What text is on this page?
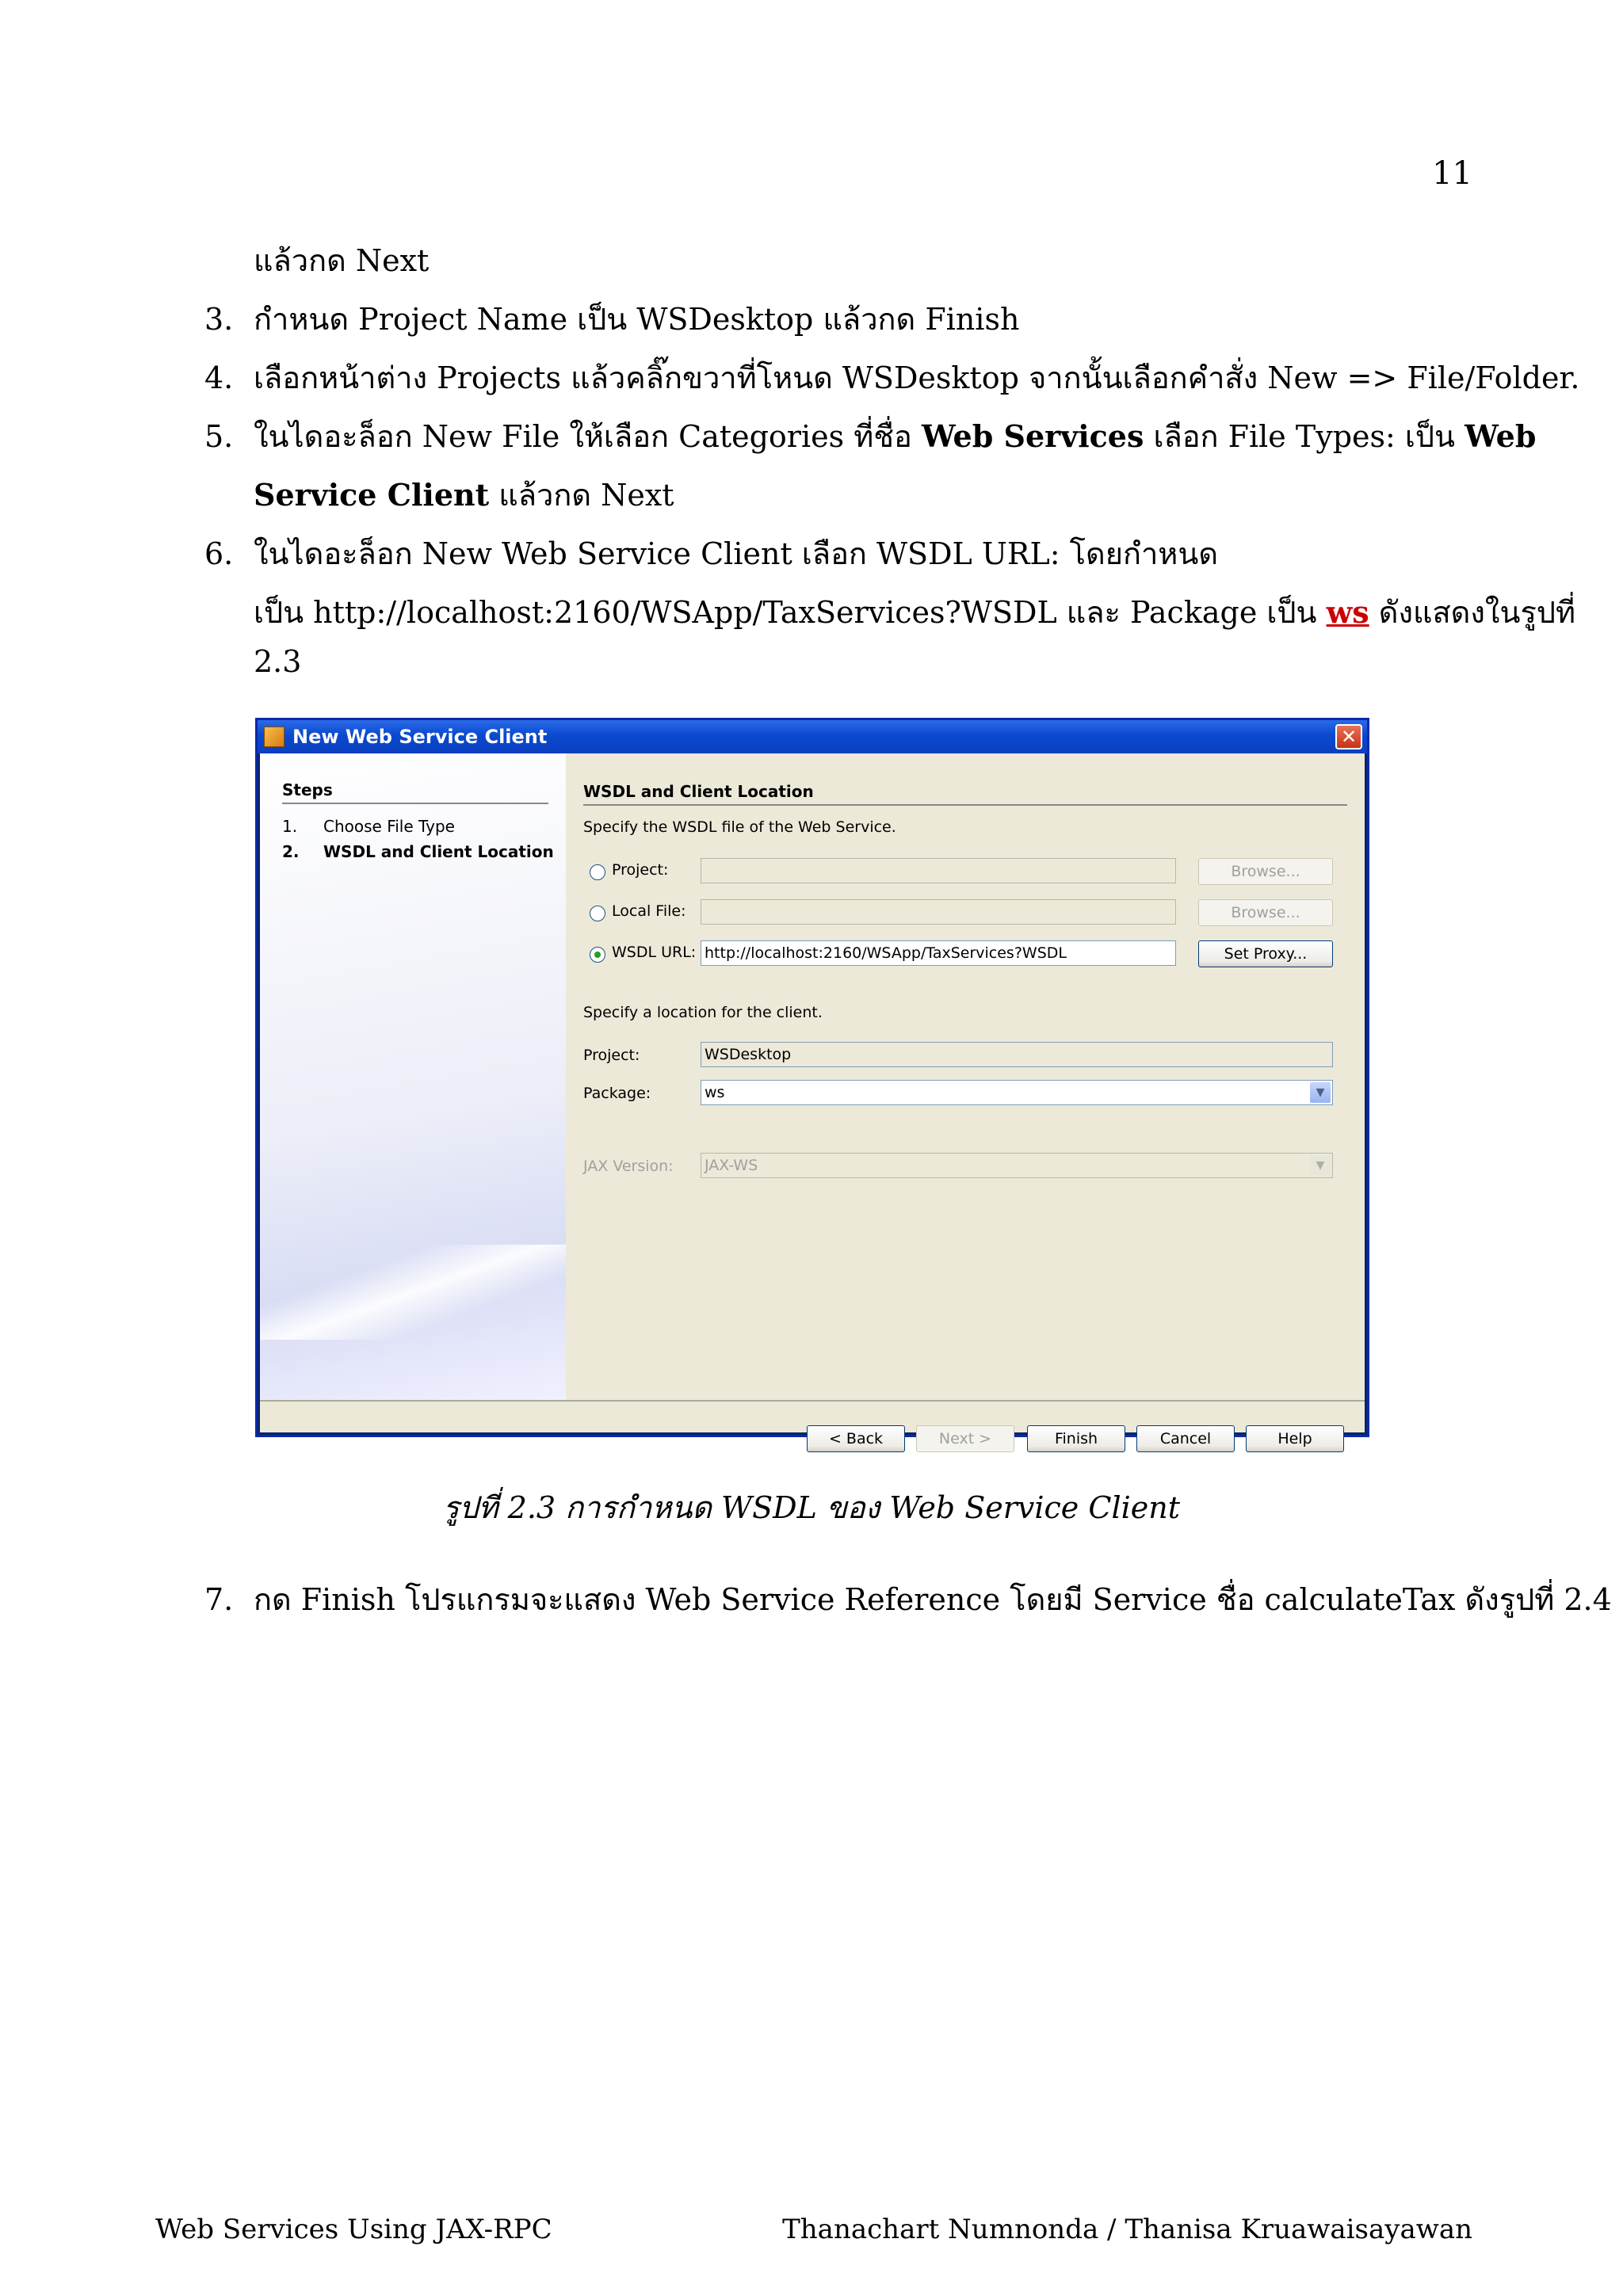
11
แล้วกด Next
3. กำหนด Project Name เป็น WSDesktop แล้วกด Finish
4. เลือกหน้าต่าง Projects แล้วคลิ๊กขวาที่โหนด WSDesktop จากนั้นเลือกคำสั่ง New => File/Folder.
5. ในไดอะล็อก New File ให้เลือก Categories ที่ชื่อ Web Services เลือก File Types: เป็น Web
Service Client แล้วกด Next
6. ในไดอะล็อก New Web Service Client เลือก WSDL URL: โดยกำหนด
เป็น http://localhost:2160/WSApp/TaxServices?WSDL และ Package เป็น ws ดังแสดงในรูปที่
2.3
New Web Service Client	✕
Steps
1. Choose File Type
2. WSDL and Client Location
WSDL and Client Location
Specify the WSDL file of the Web Service.
Project:	Browse...
Local File:	Browse...
WSDL URL: http://localhost:2160/WSApp/TaxServices?WSDL	Set Proxy...
Specify a location for the client.
Project:	WSDesktop
Package:	ws	▼
JAX Version: JAX-WS	▼
< Back	Next >	Finish	Cancel	Help
รูปที่ 2.3 การกำหนด WSDL ของ Web Service Client
7. กด Finish โปรแกรมจะแสดง Web Service Reference โดยมี Service ชื่อ calculateTax ดังรูปที่ 2.4
Web Services Using JAX-RPC	Thanachart Numnonda / Thanisa Kruawaisayawan
